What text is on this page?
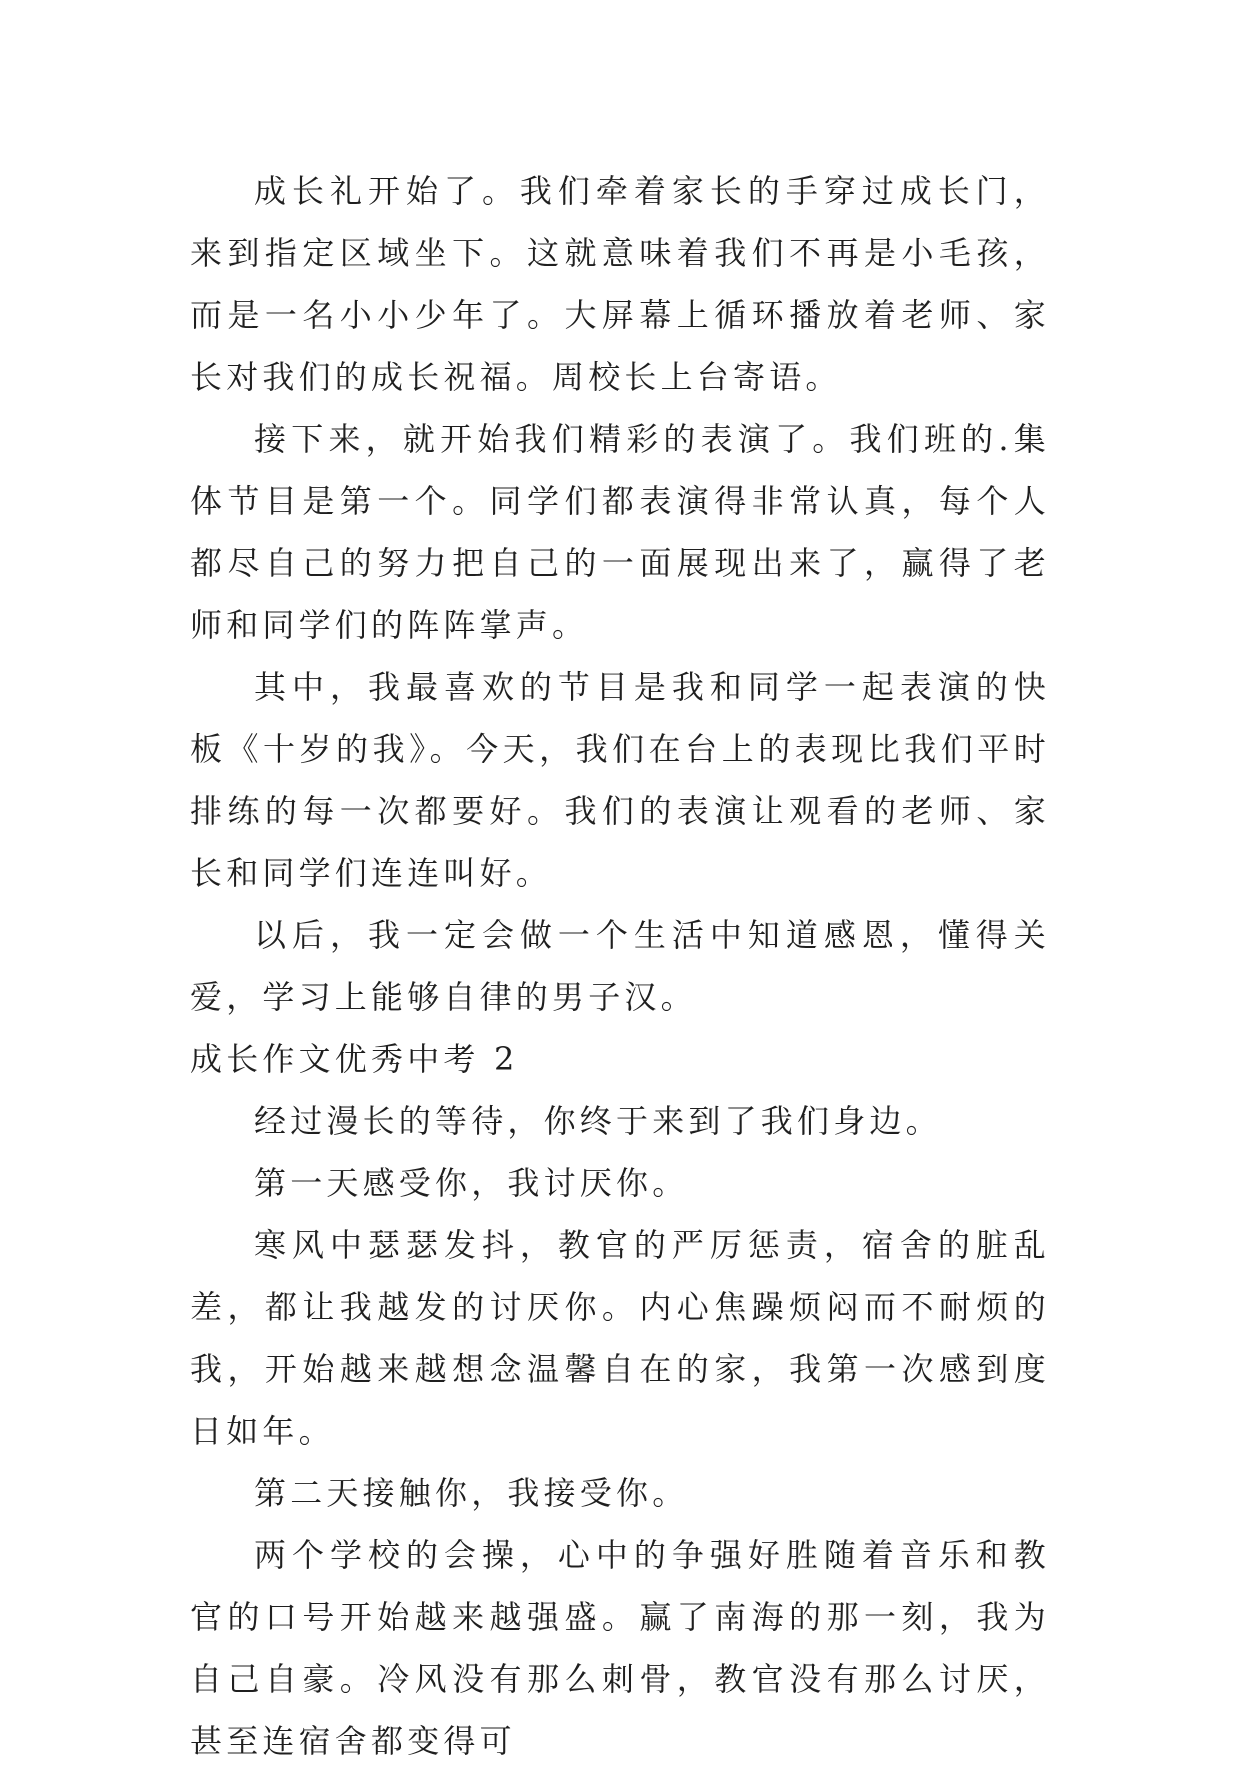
成长礼开始了。我们牵着家长的手穿过成长门，来到指定区域坐下。这就意味着我们不再是小毛孩，而是一名小小少年了。大屏幕上循环播放着老师、家长对我们的成长祝福。周校长上台寄语。

接下来，就开始我们精彩的表演了。我们班的.集体节目是第一个。同学们都表演得非常认真，每个人都尽自己的努力把自己的一面展现出来了，赢得了老师和同学们的阵阵掌声。

其中，我最喜欢的节目是我和同学一起表演的快板《十岁的我》。今天，我们在台上的表现比我们平时排练的每一次都要好。我们的表演让观看的老师、家长和同学们连连叫好。

以后，我一定会做一个生活中知道感恩，懂得关爱，学习上能够自律的男子汉。

成长作文优秀中考 2

经过漫长的等待，你终于来到了我们身边。

第一天感受你，我讨厌你。

寒风中瑟瑟发抖，教官的严厉惩责，宿舍的脏乱差，都让我越发的讨厌你。内心焦躁烦闷而不耐烦的我，开始越来越想念温馨自在的家，我第一次感到度日如年。

第二天接触你，我接受你。

两个学校的会操，心中的争强好胜随着音乐和教官的口号开始越来越强盛。赢了南海的那一刻，我为自己自豪。冷风没有那么刺骨，教官没有那么讨厌，甚至连宿舍都变得可
